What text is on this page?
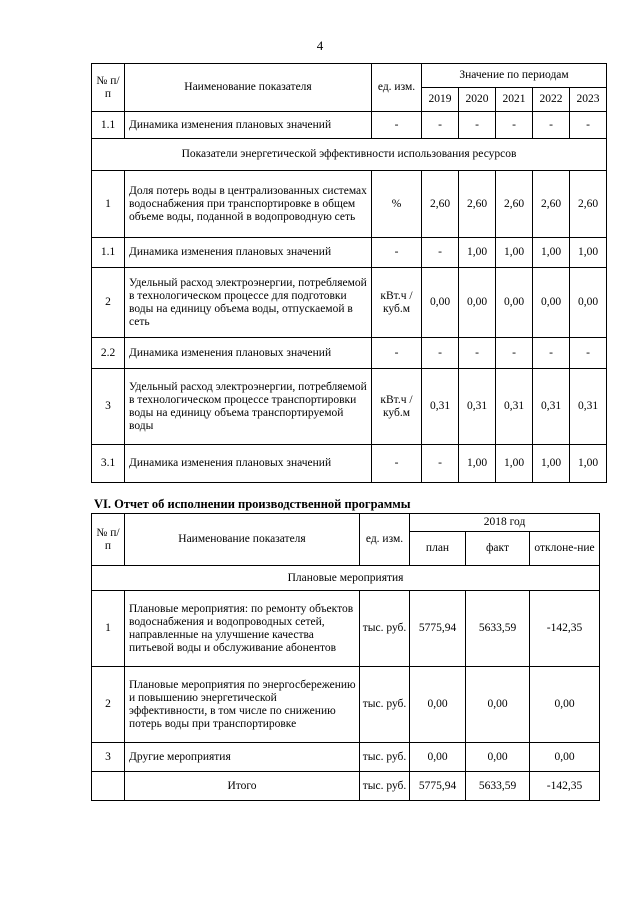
4
№ п/п	Наименование показателя	ед. изм.	Значение по периодам				
			2019	2020	2021	2022	2023
1.1	Динамика изменения плановых значений	-	-	-	-	-	-
Показатели энергетической эффективности использования ресурсов							
1	Доля потерь воды в централизованных системах водоснабжения при транспортировке в общем объеме воды, поданной в водопроводную сеть	%	2,60	2,60	2,60	2,60	2,60
1.1	Динамика изменения плановых значений	-	-	1,00	1,00	1,00	1,00
2	Удельный расход электроэнергии, потребляемой в технологическом процессе для подготовки воды на единицу объема воды, отпускаемой в сеть	кВт.ч / куб.м	0,00	0,00	0,00	0,00	0,00
2.2	Динамика изменения плановых значений	-	-	-	-	-	-
3	Удельный расход электроэнергии, потребляемой в технологическом процессе транспортировки воды на единицу объема транспортируемой воды	кВт.ч / куб.м	0,31	0,31	0,31	0,31	0,31
3.1	Динамика изменения плановых значений	-	-	1,00	1,00	1,00	1,00
VI. Отчет об исполнении производственной программы
№ п/п	Наименование показателя	ед. изм.	2018 год		
			план	факт	отклоне-ние
Плановые мероприятия					
1	Плановые мероприятия: по ремонту объектов водоснабжения и водопроводных сетей, направленные на улучшение качества питьевой воды и обслуживание абонентов	тыс. руб.	5775,94	5633,59	-142,35
2	Плановые мероприятия по энергосбережению и повышению энергетической эффективности, в том числе по снижению потерь воды при транспортировке	тыс. руб.	0,00	0,00	0,00
3	Другие мероприятия	тыс. руб.	0,00	0,00	0,00
	Итого	тыс. руб.	5775,94	5633,59	-142,35
